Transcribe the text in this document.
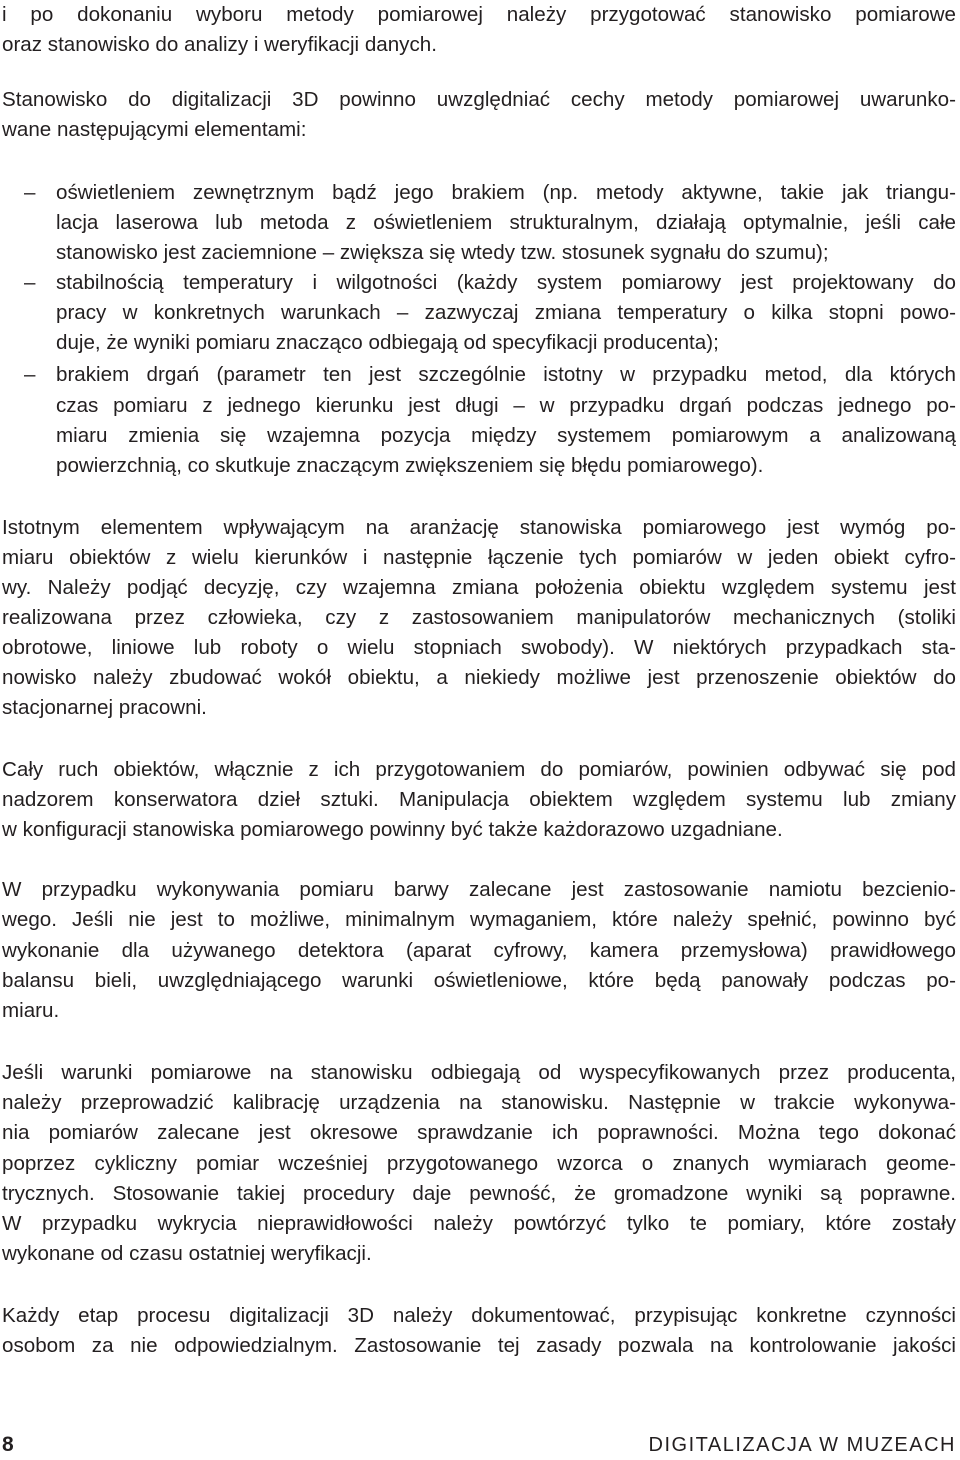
i po dokonaniu wyboru metody pomiarowej należy przygotować stanowisko pomiarowe
oraz stanowisko do analizy i weryfikacji danych.
Stanowisko do digitalizacji 3D powinno uwzględniać cechy metody pomiarowej uwarunko-
wane następującymi elementami:
– oświetleniem zewnętrznym bądź jego brakiem (np. metody aktywne, takie jak triangu-
lacja laserowa lub metoda z oświetleniem strukturalnym, działają optymalnie, jeśli całe
stanowisko jest zaciemnione – zwiększa się wtedy tzw. stosunek sygnału do szumu);
– stabilnością temperatury i wilgotności (każdy system pomiarowy jest projektowany do
pracy w konkretnych warunkach – zazwyczaj zmiana temperatury o kilka stopni powo-
duje, że wyniki pomiaru znacząco odbiegają od specyfikacji producenta);
– brakiem drgań (parametr ten jest szczególnie istotny w przypadku metod, dla których
czas pomiaru z jednego kierunku jest długi – w przypadku drgań podczas jednego po-
miaru zmienia się wzajemna pozycja między systemem pomiarowym a analizowaną
powierzchnią, co skutkuje znaczącym zwiększeniem się błędu pomiarowego).
Istotnym elementem wpływającym na aranżację stanowiska pomiarowego jest wymóg po-
miaru obiektów z wielu kierunków i następnie łączenie tych pomiarów w jeden obiekt cyfro-
wy. Należy podjąć decyzję, czy wzajemna zmiana położenia obiektu względem systemu jest
realizowana przez człowieka, czy z zastosowaniem manipulatorów mechanicznych (stoliki
obrotowe, liniowe lub roboty o wielu stopniach swobody). W niektórych przypadkach sta-
nowisko należy zbudować wokół obiektu, a niekiedy możliwe jest przenoszenie obiektów do
stacjonarnej pracowni.
Cały ruch obiektów, włącznie z ich przygotowaniem do pomiarów, powinien odbywać się pod
nadzorem konserwatora dzieł sztuki. Manipulacja obiektem względem systemu lub zmiany
w konfiguracji stanowiska pomiarowego powinny być także każdorazowo uzgadniane.
W przypadku wykonywania pomiaru barwy zalecane jest zastosowanie namiotu bezcienio-
wego. Jeśli nie jest to możliwe, minimalnym wymaganiem, które należy spełnić, powinno być
wykonanie dla używanego detektora (aparat cyfrowy, kamera przemysłowa) prawidłowego
balansu bieli, uwzględniającego warunki oświetleniowe, które będą panowały podczas po-
miaru.
Jeśli warunki pomiarowe na stanowisku odbiegają od wyspecyfikowanych przez producenta,
należy przeprowadzić kalibrację urządzenia na stanowisku. Następnie w trakcie wykonywa-
nia pomiarów zalecane jest okresowe sprawdzanie ich poprawności. Można tego dokonać
poprzez cykliczny pomiar wcześniej przygotowanego wzorca o znanych wymiarach geome-
trycznych. Stosowanie takiej procedury daje pewność, że gromadzone wyniki są poprawne.
W przypadku wykrycia nieprawidłowości należy powtórzyć tylko te pomiary, które zostały
wykonane od czasu ostatniej weryfikacji.
Każdy etap procesu digitalizacji 3D należy dokumentować, przypisując konkretne czynności
osobom za nie odpowiedzialnym. Zastosowanie tej zasady pozwala na kontrolowanie jakości
8	DIGITALIZACJA W MUZEACH
